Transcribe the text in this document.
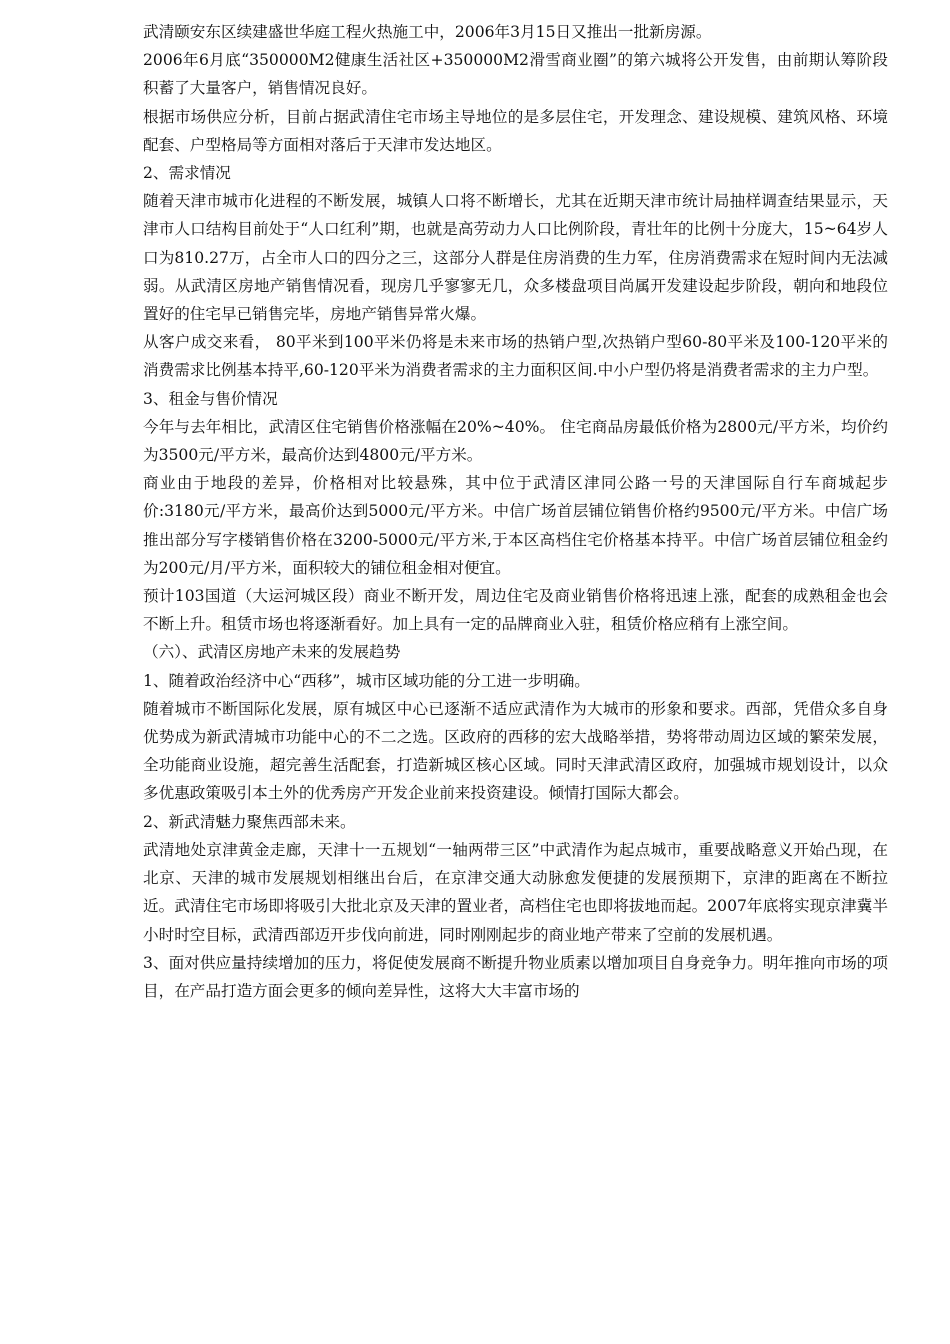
武清颐安东区续建盛世华庭工程火热施工中，2006年3月15日又推出一批新房源。

2006年6月底“350000M2健康生活社区+350000M2滑雪商业圈”的第六城将公开发售，由前期认筹阶段积蓄了大量客户，销售情况良好。

根据市场供应分析，目前占据武清住宅市场主导地位的是多层住宅，开发理念、建设规模、建筑风格、环境配套、户型格局等方面相对落后于天津市发达地区。

2、需求情况

随着天津市城市化进程的不断发展，城镇人口将不断增长，尤其在近期天津市统计局抽样调查结果显示，天津市人口结构目前处于“人口红利”期，也就是高劳动力人口比例阶段，青壮年的比例十分庞大，15~64岁人口为810.27万，占全市人口的四分之三，这部分人群是住房消费的生力军，住房消费需求在短时间内无法减弱。从武清区房地产销售情况看，现房几乎寥寥无几，众多楼盘项目尚属开发建设起步阶段，朝向和地段位置好的住宅早已销售完毕，房地产销售异常火爆。

从客户成交来看， 80平米到100平米仍将是未来市场的热销户型,次热销户型60-80平米及100-120平米的消费需求比例基本持平,60-120平米为消费者需求的主力面积区间.中小户型仍将是消费者需求的主力户型。

3、租金与售价情况

今年与去年相比，武清区住宅销售价格涨幅在20%~40%。 住宅商品房最低价格为2800元/平方米，均价约为3500元/平方米，最高价达到4800元/平方米。

商业由于地段的差异，价格相对比较悬殊，其中位于武清区津同公路一号的天津国际自行车商城起步价:3180元/平方米，最高价达到5000元/平方米。中信广场首层铺位销售价格约9500元/平方米。中信广场推出部分写字楼销售价格在3200-5000元/平方米,于本区高档住宅价格基本持平。中信广场首层铺位租金约为200元/月/平方米，面积较大的铺位租金相对便宜。

预计103国道（大运河城区段）商业不断开发，周边住宅及商业销售价格将迅速上涨，配套的成熟租金也会不断上升。租赁市场也将逐渐看好。加上具有一定的品牌商业入驻，租赁价格应稍有上涨空间。

（六）、武清区房地产未来的发展趋势

1、随着政治经济中心“西移”，城市区域功能的分工进一步明确。

随着城市不断国际化发展，原有城区中心已逐渐不适应武清作为大城市的形象和要求。西部，凭借众多自身优势成为新武清城市功能中心的不二之选。区政府的西移的宏大战略举措，势将带动周边区域的繁荣发展，全功能商业设施，超完善生活配套，打造新城区核心区域。同时天津武清区政府，加强城市规划设计，以众多优惠政策吸引本土外的优秀房产开发企业前来投资建设。倾情打国际大都会。

2、新武清魅力聚焦西部未来。

武清地处京津黄金走廊，天津十一五规划“一轴两带三区”中武清作为起点城市，重要战略意义开始凸现，在北京、天津的城市发展规划相继出台后，在京津交通大动脉愈发便捷的发展预期下，京津的距离在不断拉近。武清住宅市场即将吸引大批北京及天津的置业者，高档住宅也即将拔地而起。2007年底将实现京津冀半小时时空目标，武清西部迈开步伐向前进，同时刚刚起步的商业地产带来了空前的发展机遇。

3、面对供应量持续增加的压力，将促使发展商不断提升物业质素以增加项目自身竞争力。明年推向市场的项目，在产品打造方面会更多的倾向差异性，这将大大丰富市场的
